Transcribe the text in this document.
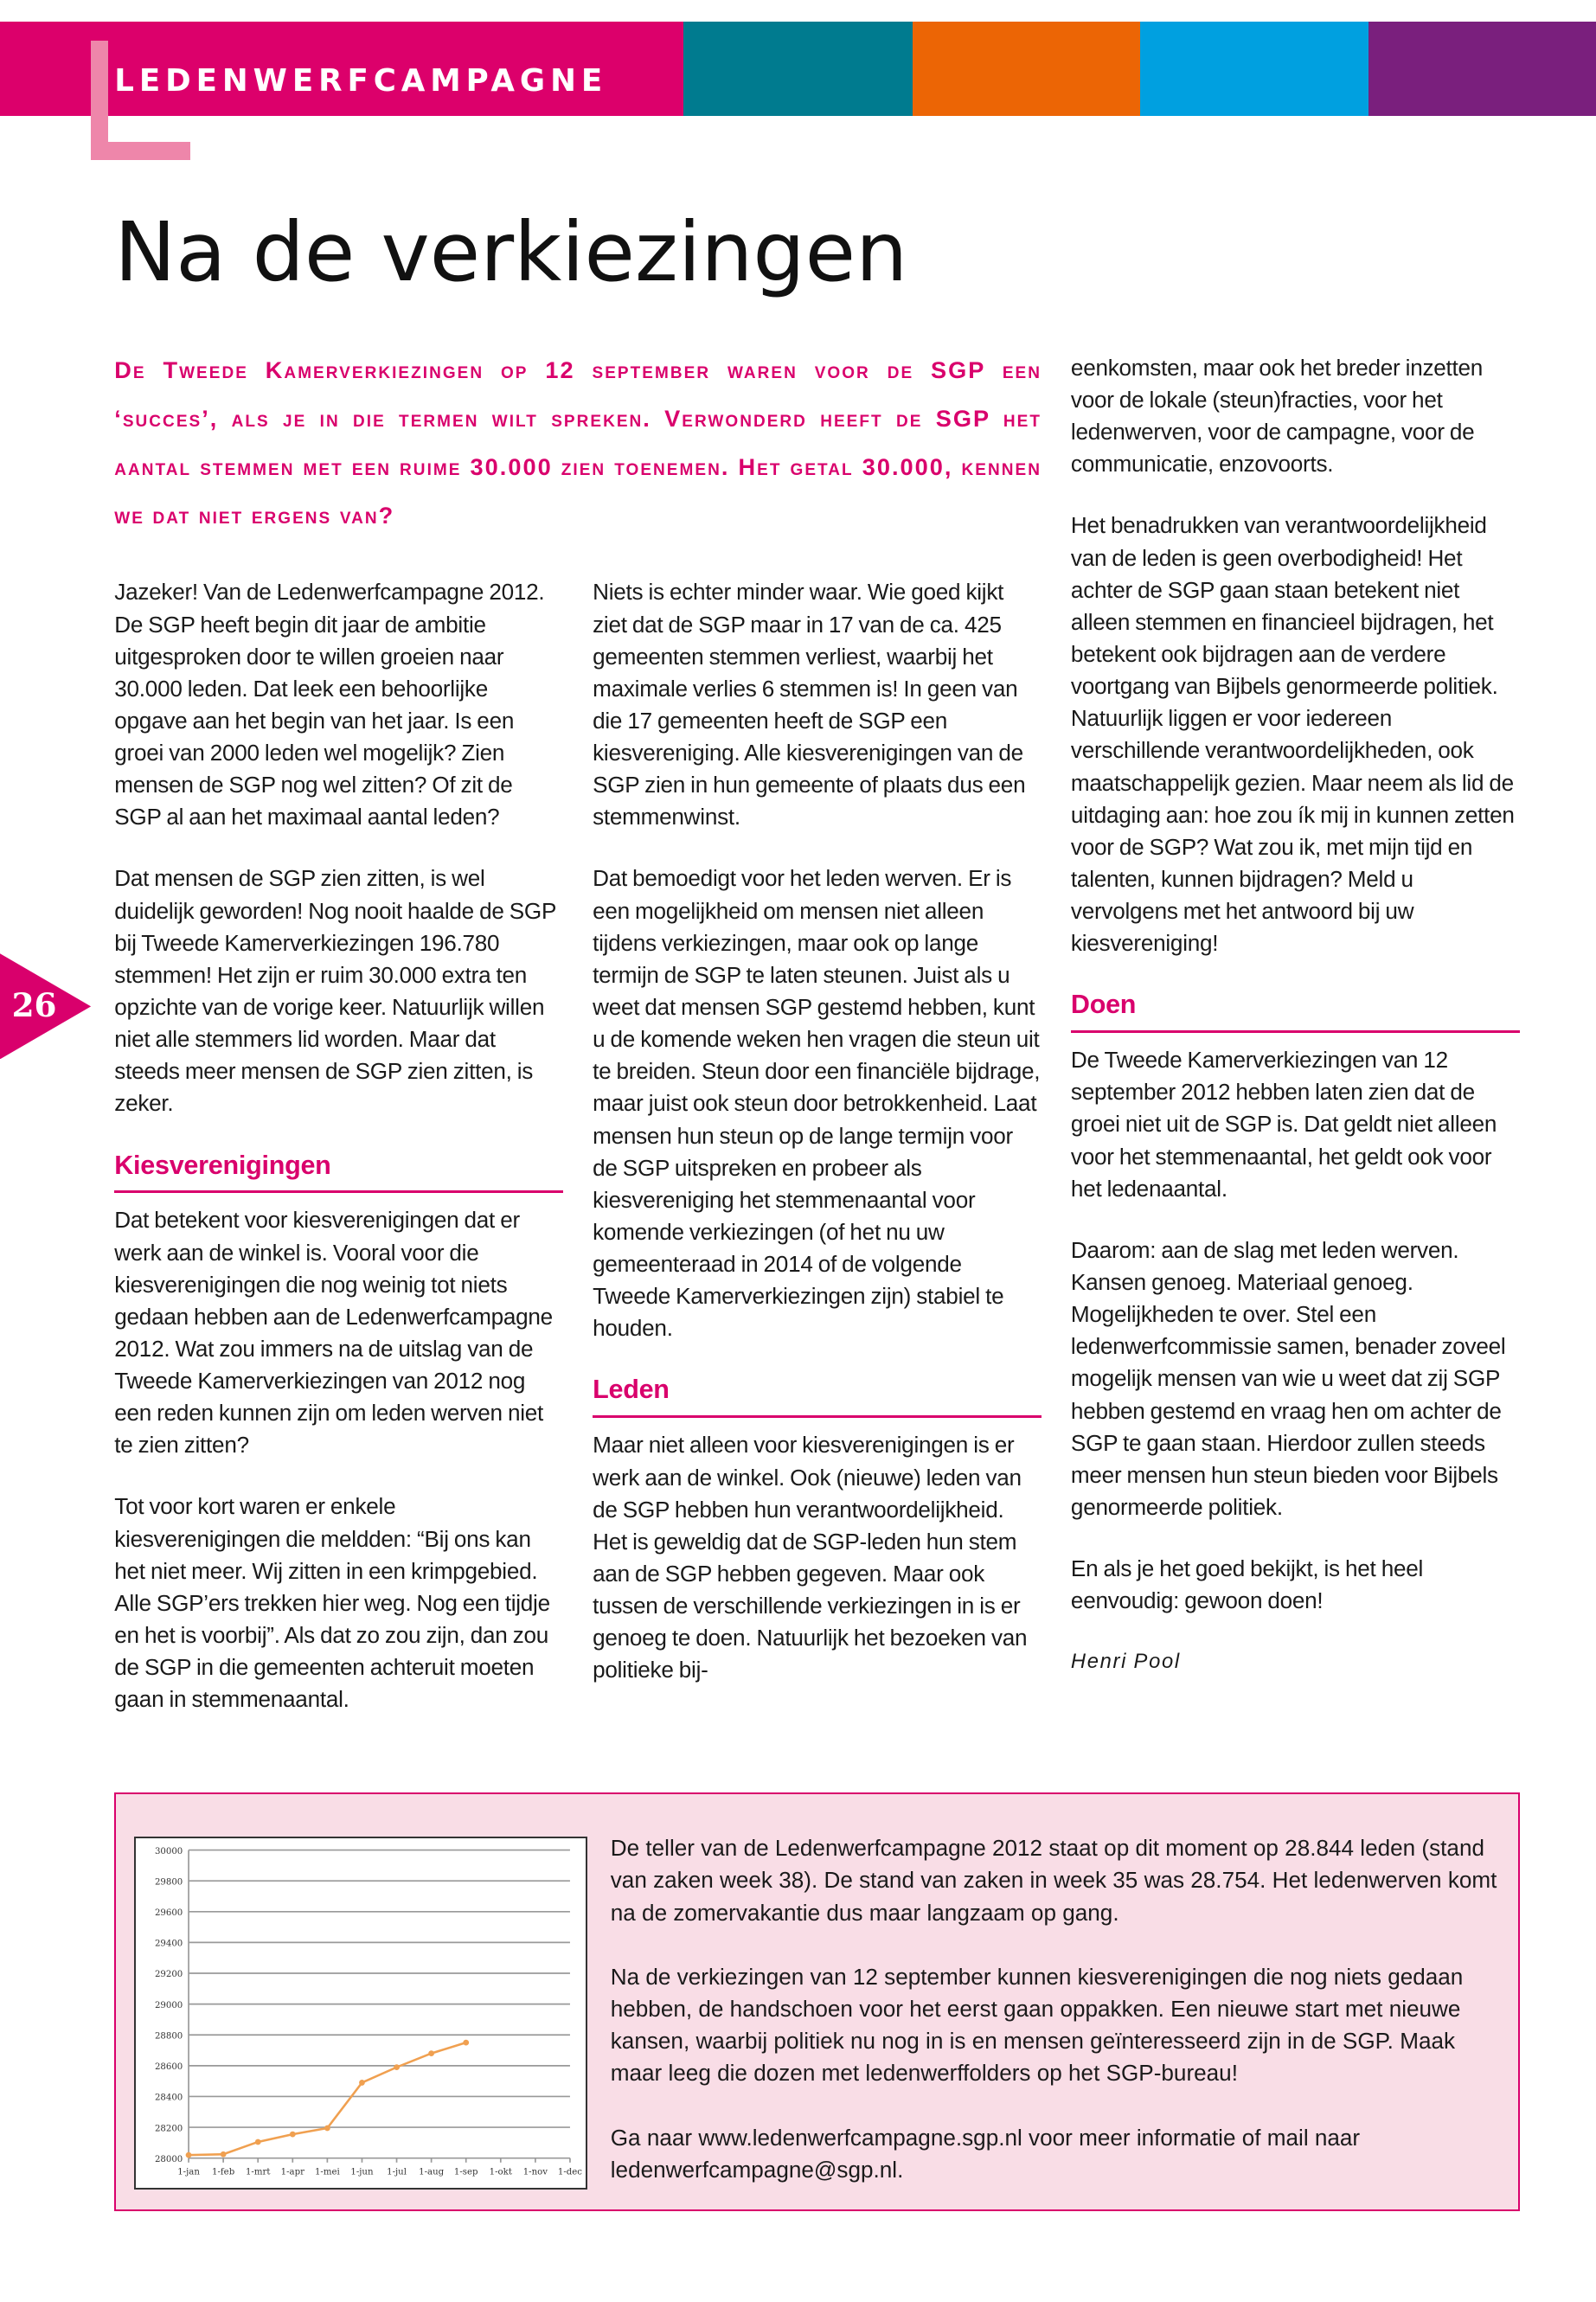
LEDENWERFCAMPAGNE
Na de verkiezingen
De Tweede Kamerverkiezingen op 12 september waren voor de SGP een ‘succes’, als je in die termen wilt spreken. Verwonderd heeft de SGP het aantal stemmen met een ruime 30.000 zien toenemen. Het getal 30.000, kennen we dat niet ergens van?
26

Jazeker! Van de Ledenwerfcampagne 2012. De SGP heeft begin dit jaar de ambitie uitgesproken door te willen groeien naar 30.000 leden. Dat leek een behoorlijke opgave aan het begin van het jaar. Is een groei van 2000 leden wel mogelijk? Zien mensen de SGP nog wel zitten? Of zit de SGP al aan het maximaal aantal leden?

Dat mensen de SGP zien zitten, is wel duidelijk geworden! Nog nooit haalde de SGP bij Tweede Kamerverkiezingen 196.780 stemmen! Het zijn er ruim 30.000 extra ten opzichte van de vorige keer. Natuurlijk willen niet alle stemmers lid worden. Maar dat steeds meer mensen de SGP zien zitten, is zeker.

Kiesverenigingen

Dat betekent voor kiesverenigingen dat er werk aan de winkel is. Vooral voor die kiesverenigingen die nog weinig tot niets gedaan hebben aan de Ledenwerfcampagne 2012. Wat zou immers na de uitslag van de Tweede Kamerverkiezingen van 2012 nog een reden kunnen zijn om leden werven niet te zien zitten?

Tot voor kort waren er enkele kiesverenigingen die meldden: “Bij ons kan het niet meer. Wij zitten in een krimpgebied. Alle SGP’ers trekken hier weg. Nog een tijdje en het is voorbij”. Als dat zo zou zijn, dan zou de SGP in die gemeenten achteruit moeten gaan in stemmenaantal.

Niets is echter minder waar. Wie goed kijkt ziet dat de SGP maar in 17 van de ca. 425 gemeenten stemmen verliest, waarbij het maximale verlies 6 stemmen is! In geen van die 17 gemeenten heeft de SGP een kiesvereniging. Alle kiesverenigingen van de SGP zien in hun gemeente of plaats dus een stemmenwinst.

Dat bemoedigt voor het leden werven. Er is een mogelijkheid om mensen niet alleen tijdens verkiezingen, maar ook op lange termijn de SGP te laten steunen. Juist als u weet dat mensen SGP gestemd hebben, kunt u de komende weken hen vragen die steun uit te breiden. Steun door een financiële bijdrage, maar juist ook steun door betrokkenheid. Laat mensen hun steun op de lange termijn voor de SGP uitspreken en probeer als kiesvereniging het stemmenaantal voor komende verkiezingen (of het nu uw gemeenteraad in 2014 of de volgende Tweede Kamerverkiezingen zijn) stabiel te houden.

Leden

Maar niet alleen voor kiesverenigingen is er werk aan de winkel. Ook (nieuwe) leden van de SGP hebben hun verantwoordelijkheid. Het is geweldig dat de SGP-leden hun stem aan de SGP hebben gegeven. Maar ook tussen de verschillende verkiezingen in is er genoeg te doen. Natuurlijk het bezoeken van politieke bij-

eenkomsten, maar ook het breder inzetten voor de lokale (steun)fracties, voor het ledenwerven, voor de campagne, voor de communicatie, enzovoorts.

Het benadrukken van verantwoordelijkheid van de leden is geen overbodigheid! Het achter de SGP gaan staan betekent niet alleen stemmen en financieel bijdragen, het betekent ook bijdragen aan de verdere voortgang van Bijbels genormeerde politiek. Natuurlijk liggen er voor iedereen verschillende verantwoordelijkheden, ook maatschappelijk gezien. Maar neem als lid de uitdaging aan: hoe zou ík mij in kunnen zetten voor de SGP? Wat zou ik, met mijn tijd en talenten, kunnen bijdragen? Meld u vervolgens met het antwoord bij uw kiesvereniging!

Doen

De Tweede Kamerverkiezingen van 12 september 2012 hebben laten zien dat de groei niet uit de SGP is. Dat geldt niet alleen voor het stemmenaantal, het geldt ook voor het ledenaantal.

Daarom: aan de slag met leden werven. Kansen genoeg. Materiaal genoeg. Mogelijkheden te over. Stel een ledenwerfcommissie samen, benader zoveel mogelijk mensen van wie u weet dat zij SGP hebben gestemd en vraag hen om achter de SGP te gaan staan. Hierdoor zullen steeds meer mensen hun steun bieden voor Bijbels genormeerde politiek.

En als je het goed bekijkt, is het heel eenvoudig: gewoon doen!

Henri Pool

28000
28200
28400
28600
28800
29000
29200
29400
29600
29800
30000
1-jan 1-feb 1-mrt 1-apr 1-mei 1-jun	1-jul 1-aug 1-sep 1-okt 1-nov 1-dec

De teller van de Ledenwerfcampagne 2012 staat op dit moment op 28.844 leden (stand van zaken week 38). De stand van zaken in week 35 was 28.754. Het ledenwerven komt na de zomervakantie dus maar langzaam op gang.

Na de verkiezingen van 12 september kunnen kiesverenigingen die nog niets gedaan hebben, de handschoen voor het eerst gaan oppakken. Een nieuwe start met nieuwe kansen, waarbij politiek nu nog in is en mensen geïnteresseerd zijn in de SGP. Maak maar leeg die dozen met ledenwerffolders op het SGP-bureau!

Ga naar www.ledenwerfcampagne.sgp.nl voor meer informatie of mail naar ledenwerfcampagne@sgp.nl.
